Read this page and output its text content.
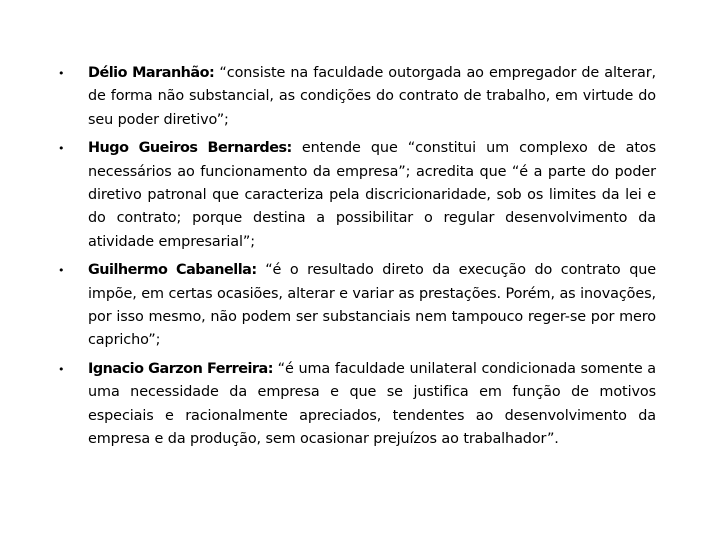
• Délio Maranhão: “consiste na faculdade outorgada ao empregador de alterar, de forma não substancial, as condições do contrato de trabalho, em virtude do seu poder diretivo”;
• Hugo Gueiros Bernardes: entende que “constitui um complexo de atos necessários ao funcionamento da empresa”; acredita que “é a parte do poder diretivo patronal que caracteriza pela discricionaridade, sob os limites da lei e do contrato; porque destina a possibilitar o regular desenvolvimento da atividade empresarial”;
• Guilhermo Cabanella: “é o resultado direto da execução do contrato que impõe, em certas ocasiões, alterar e variar as prestações. Porém, as inovações, por isso mesmo, não podem ser substanciais nem tampouco reger-se por mero capricho”;
• Ignacio Garzon Ferreira: “é uma faculdade unilateral condicionada somente a uma necessidade da empresa e que se justifica em função de motivos especiais e racionalmente apreciados, tendentes ao desenvolvimento da empresa e da produção, sem ocasionar prejuízos ao trabalhador”.
